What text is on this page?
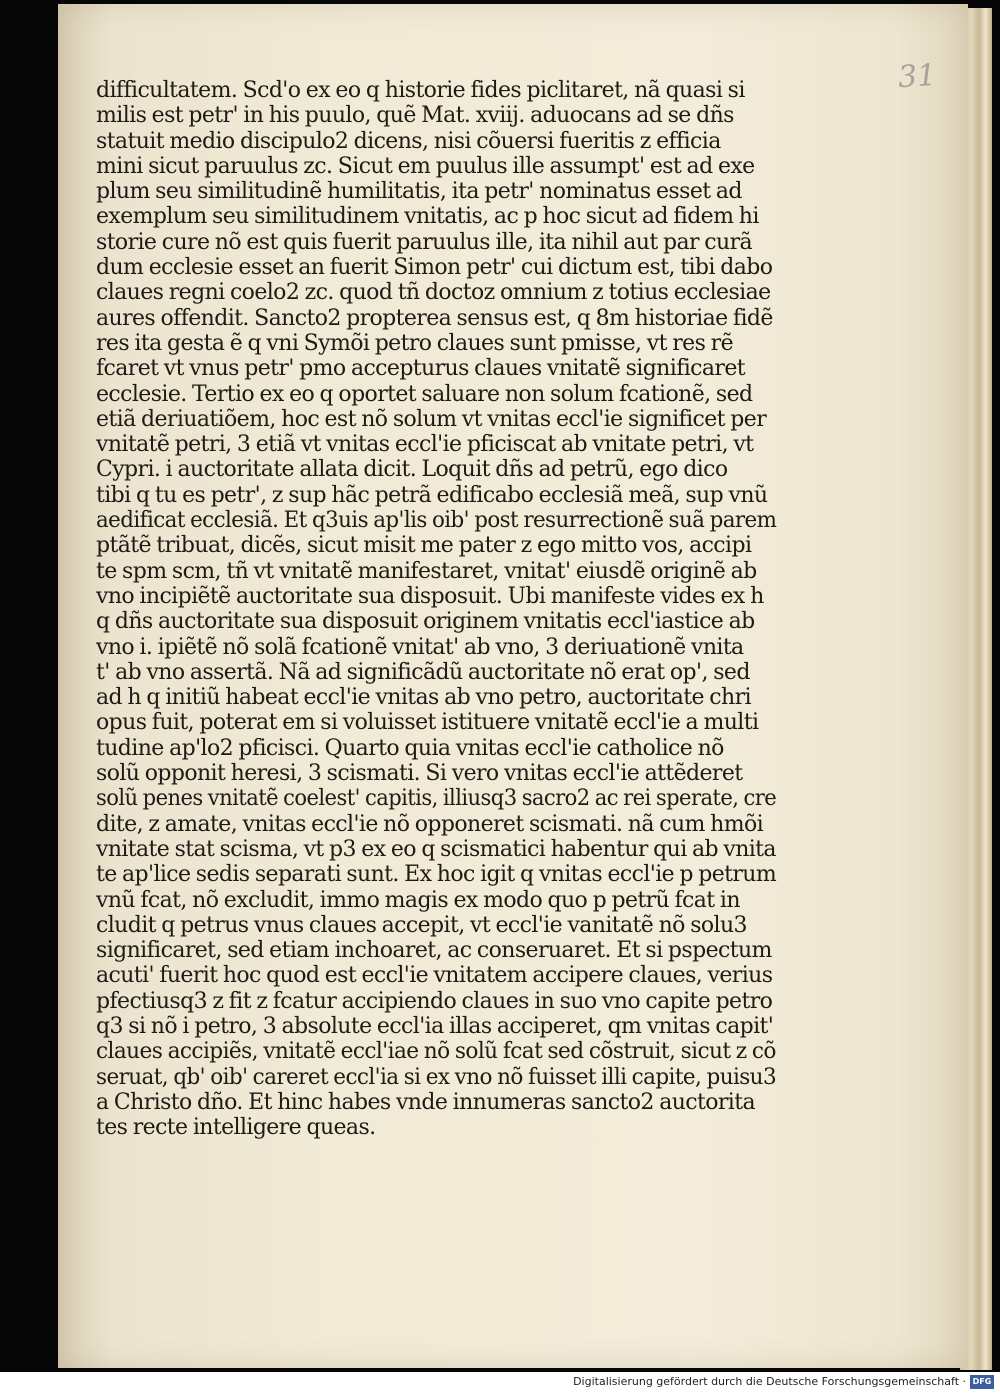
31
difficultatem. Scd'o ex eo q historie fides piclitaret, nã quasi si
milis est petr' in his puulo, quẽ Mat. xviij. aduocans ad se dñs
statuit medio discipulo2 dicens, nisi cõuersi fueritis z efficia
mini sicut paruulus zc. Sicut em puulus ille assumpt' est ad exe
plum seu similitudinẽ humilitatis, ita petr' nominatus esset ad
exemplum seu similitudinem vnitatis, ac p hoc sicut ad fidem hi
storie cure nõ est quis fuerit paruulus ille, ita nihil aut par curã
dum ecclesie esset an fuerit Simon petr' cui dictum est, tibi dabo
claues regni coelo2 zc. quod tñ doctoz omnium z totius ecclesiae
aures offendit. Sancto2 propterea sensus est, q 8m historiae fidẽ
res ita gesta ẽ q vni Symõi petro claues sunt pmisse, vt res rẽ
fcaret vt vnus petr' pmo accepturus claues vnitatẽ significaret
ecclesie. Tertio ex eo q oportet saluare non solum fcationẽ, sed
etiã deriuatiõem, hoc est nõ solum vt vnitas eccl'ie significet per
vnitatẽ petri, 3 etiã vt vnitas eccl'ie pficiscat ab vnitate petri, vt
Cypri. i auctoritate allata dicit. Loquit dñs ad petrũ, ego dico
tibi q tu es petr', z sup hãc petrã edificabo ecclesiã meã, sup vnũ
aedificat ecclesiã. Et q3uis ap'lis oib' post resurrectionẽ suã parem
ptãtẽ tribuat, dicẽs, sicut misit me pater z ego mitto vos, accipi
te spm scm, tñ vt vnitatẽ manifestaret, vnitat' eiusdẽ originẽ ab
vno incipiẽtẽ auctoritate sua disposuit. Ubi manifeste vides ex h
q dñs auctoritate sua disposuit originem vnitatis eccl'iastice ab
vno i. ipiẽtẽ nõ solã fcationẽ vnitat' ab vno, 3 deriuationẽ vnita
t' ab vno assertã. Nã ad significãdũ auctoritate nõ erat op', sed
ad h q initiũ habeat eccl'ie vnitas ab vno petro, auctoritate chri
opus fuit, poterat em si voluisset istituere vnitatẽ eccl'ie a multi
tudine ap'lo2 pficisci. Quarto quia vnitas eccl'ie catholice nõ
solũ opponit heresi, 3 scismati. Si vero vnitas eccl'ie attẽderet
solũ penes vnitatẽ coelest' capitis, illiusq3 sacro2 ac rei sperate, cre
dite, z amate, vnitas eccl'ie nõ opponeret scismati. nã cum hmõi
vnitate stat scisma, vt p3 ex eo q scismatici habentur qui ab vnita
te ap'lice sedis separati sunt. Ex hoc igit q vnitas eccl'ie p petrum
vnũ fcat, nõ excludit, immo magis ex modo quo p petrũ fcat in
cludit q petrus vnus claues accepit, vt eccl'ie vanitatẽ nõ solu3
significaret, sed etiam inchoaret, ac conseruaret. Et si pspectum
acuti' fuerit hoc quod est eccl'ie vnitatem accipere claues, verius
pfectiusq3 z fit z fcatur accipiendo claues in suo vno capite petro
q3 si nõ i petro, 3 absolute eccl'ia illas acciperet, qm vnitas capit'
claues accipiẽs, vnitatẽ eccl'iae nõ solũ fcat sed cõstruit, sicut z cõ
seruat, qb' oib' careret eccl'ia si ex vno nõ fuisset illi capite, puisu3
a Christo dño. Et hinc habes vnde innumeras sancto2 auctorita
tes recte intelligere queas.
Digitalisierung gefördert durch die Deutsche Forschungsgemeinschaft · DFG
